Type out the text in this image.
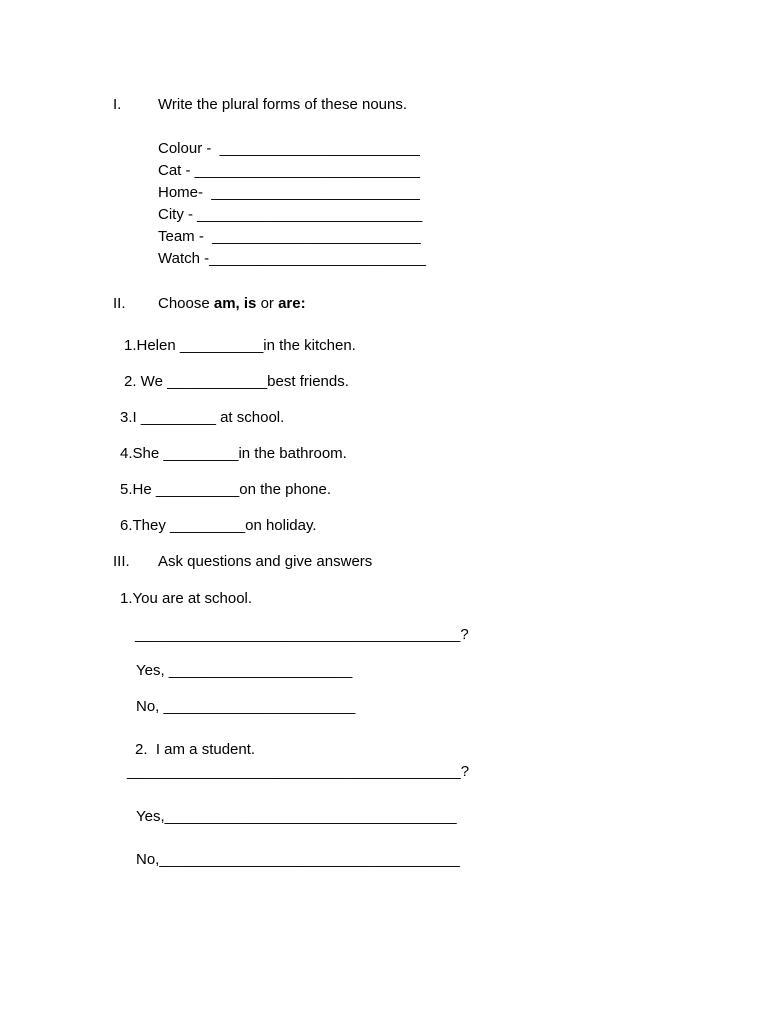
I. Write the plural forms of these nouns.
Colour -  ________________________
Cat - ___________________________
Home-  _________________________
City - ___________________________
Team -  _________________________
Watch -__________________________
II. Choose am, is or are:
1.Helen __________in the kitchen.
2. We ____________best friends.
3.I _________ at school.
4.She _________in the bathroom.
5.He __________on the phone.
6.They _________on holiday.
III. Ask questions and give answers
1.You are at school.
_______________________________________?
Yes, ______________________
No, _______________________
2.  I am a student.
________________________________________?
Yes,___________________________________
No,____________________________________
